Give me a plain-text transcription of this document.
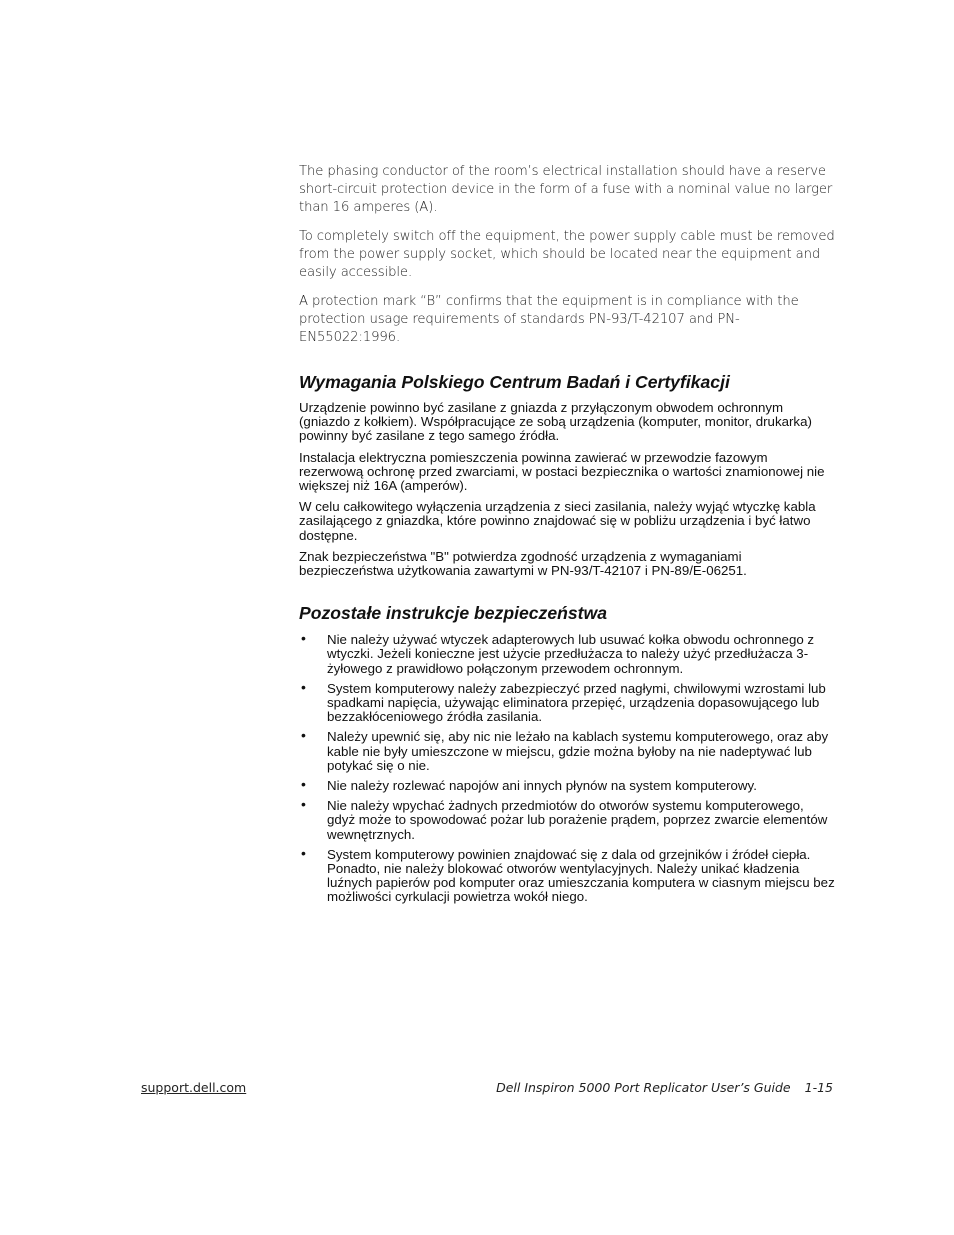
The phasing conductor of the room’s electrical installation should have a reserve short-circuit protection device in the form of a fuse with a nominal value no larger than 16 amperes (A).

To completely switch off the equipment, the power supply cable must be removed from the power supply socket, which should be located near the equipment and easily accessible.

A protection mark “B” confirms that the equipment is in compliance with the protection usage requirements of standards PN-93/T-42107 and PN-EN55022:1996.

Wymagania Polskiego Centrum Badań i Certyfikacji

Urządzenie powinno być zasilane z gniazda z przyłączonym obwodem ochronnym (gniazdo z kołkiem). Współpracujące ze sobą urządzenia (komputer, monitor, drukarka) powinny być zasilane z tego samego źródła.

Instalacja elektryczna pomieszczenia powinna zawierać w przewodzie fazowym rezerwową ochronę przed zwarciami, w postaci bezpiecznika o wartości znamionowej nie większej niż 16A (amperów).

W celu całkowitego wyłączenia urządzenia z sieci zasilania, należy wyjąć wtyczkę kabla zasilającego z gniazdka, które powinno znajdować się w pobliżu urządzenia i być łatwo dostępne.

Znak bezpieczeństwa "B" potwierdza zgodność urządzenia z wymaganiami bezpieczeństwa użytkowania zawartymi w PN-93/T-42107 i PN-89/E-06251.

Pozostałe instrukcje bezpieczeństwa
• Nie należy używać wtyczek adapterowych lub usuwać kołka obwodu ochronnego z wtyczki. Jeżeli konieczne jest użycie przedłużacza to należy użyć przedłużacza 3-żyłowego z prawidłowo połączonym przewodem ochronnym.
• System komputerowy należy zabezpieczyć przed nagłymi, chwilowymi wzrostami lub spadkami napięcia, używając eliminatora przepięć, urządzenia dopasowującego lub bezzakłóceniowego źródła zasilania.
• Należy upewnić się, aby nic nie leżało na kablach systemu komputerowego, oraz aby kable nie były umieszczone w miejscu, gdzie można byłoby na nie nadeptywać lub potykać się o nie.
• Nie należy rozlewać napojów ani innych płynów na system komputerowy.
• Nie należy wpychać żadnych przedmiotów do otworów systemu komputerowego, gdyż może to spowodować pożar lub porażenie prądem, poprzez zwarcie elementów wewnętrznych.
• System komputerowy powinien znajdować się z dala od grzejników i źródeł ciepła. Ponadto, nie należy blokować otworów wentylacyjnych. Należy unikać kładzenia luźnych papierów pod komputer oraz umieszczania komputera w ciasnym miejscu bez możliwości cyrkulacji powietrza wokół niego.
support.dell.com	Dell Inspiron 5000 Port Replicator User’s Guide 1-15
